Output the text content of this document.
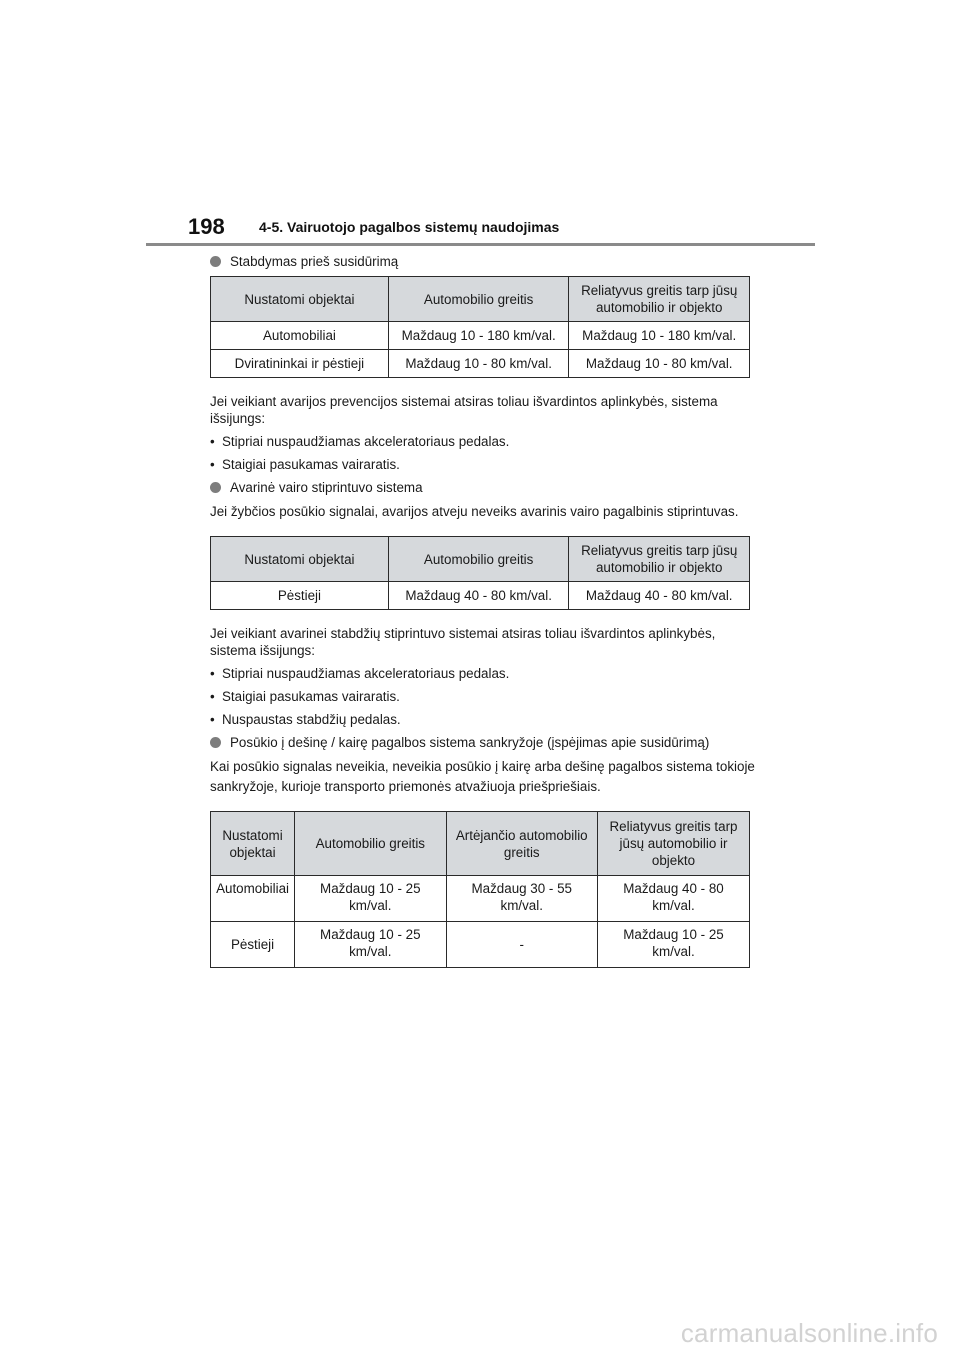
198 4-5. Vairuotojo pagalbos sistemų naudojimas
Stabdymas prieš susidūrimą
Nustatomi objektai	Automobilio greitis	Reliatyvus greitis tarp jūsų automobilio ir objekto
Automobiliai	Maždaug 10 - 180 km/val.	Maždaug 10 - 180 km/val.
Dviratininkai ir pėstieji	Maždaug 10 - 80 km/val.	Maždaug 10 - 80 km/val.

Jei veikiant avarijos prevencijos sistemai atsiras toliau išvardintos aplinkybės, sistema išsijungs:

• Stipriai nuspaudžiamas akceleratoriaus pedalas.
• Staigiai pasukamas vairaratis.
Avarinė vairo stiprintuvo sistema

Jei žybčios posūkio signalai, avarijos atveju neveiks avarinis vairo pagalbinis stiprintuvas.

Nustatomi objektai	Automobilio greitis	Reliatyvus greitis tarp jūsų automobilio ir objekto
Pėstieji	Maždaug 40 - 80 km/val.	Maždaug 40 - 80 km/val.

Jei veikiant avarinei stabdžių stiprintuvo sistemai atsiras toliau išvardintos aplinkybės, sistema išsijungs:

• Stipriai nuspaudžiamas akceleratoriaus pedalas.
• Staigiai pasukamas vairaratis.
• Nuspaustas stabdžių pedalas.
Posūkio į dešinę / kairę pagalbos sistema sankryžoje (įspėjimas apie susidūrimą)

Kai posūkio signalas neveikia, neveikia posūkio į kairę arba dešinę pagalbos sistema tokioje sankryžoje, kurioje transporto priemonės atvažiuoja priešpriešiais.

Nustatomi objektai	Automobilio greitis	Artėjančio automobilio greitis	Reliatyvus greitis tarp jūsų automobilio ir objekto
Automobiliai	Maždaug 10 - 25 km/val.	Maždaug 30 - 55 km/val.	Maždaug 40 - 80 km/val.
Pėstieji	Maždaug 10 - 25 km/val.	-	Maždaug 10 - 25 km/val.
carmanualsonline.info
